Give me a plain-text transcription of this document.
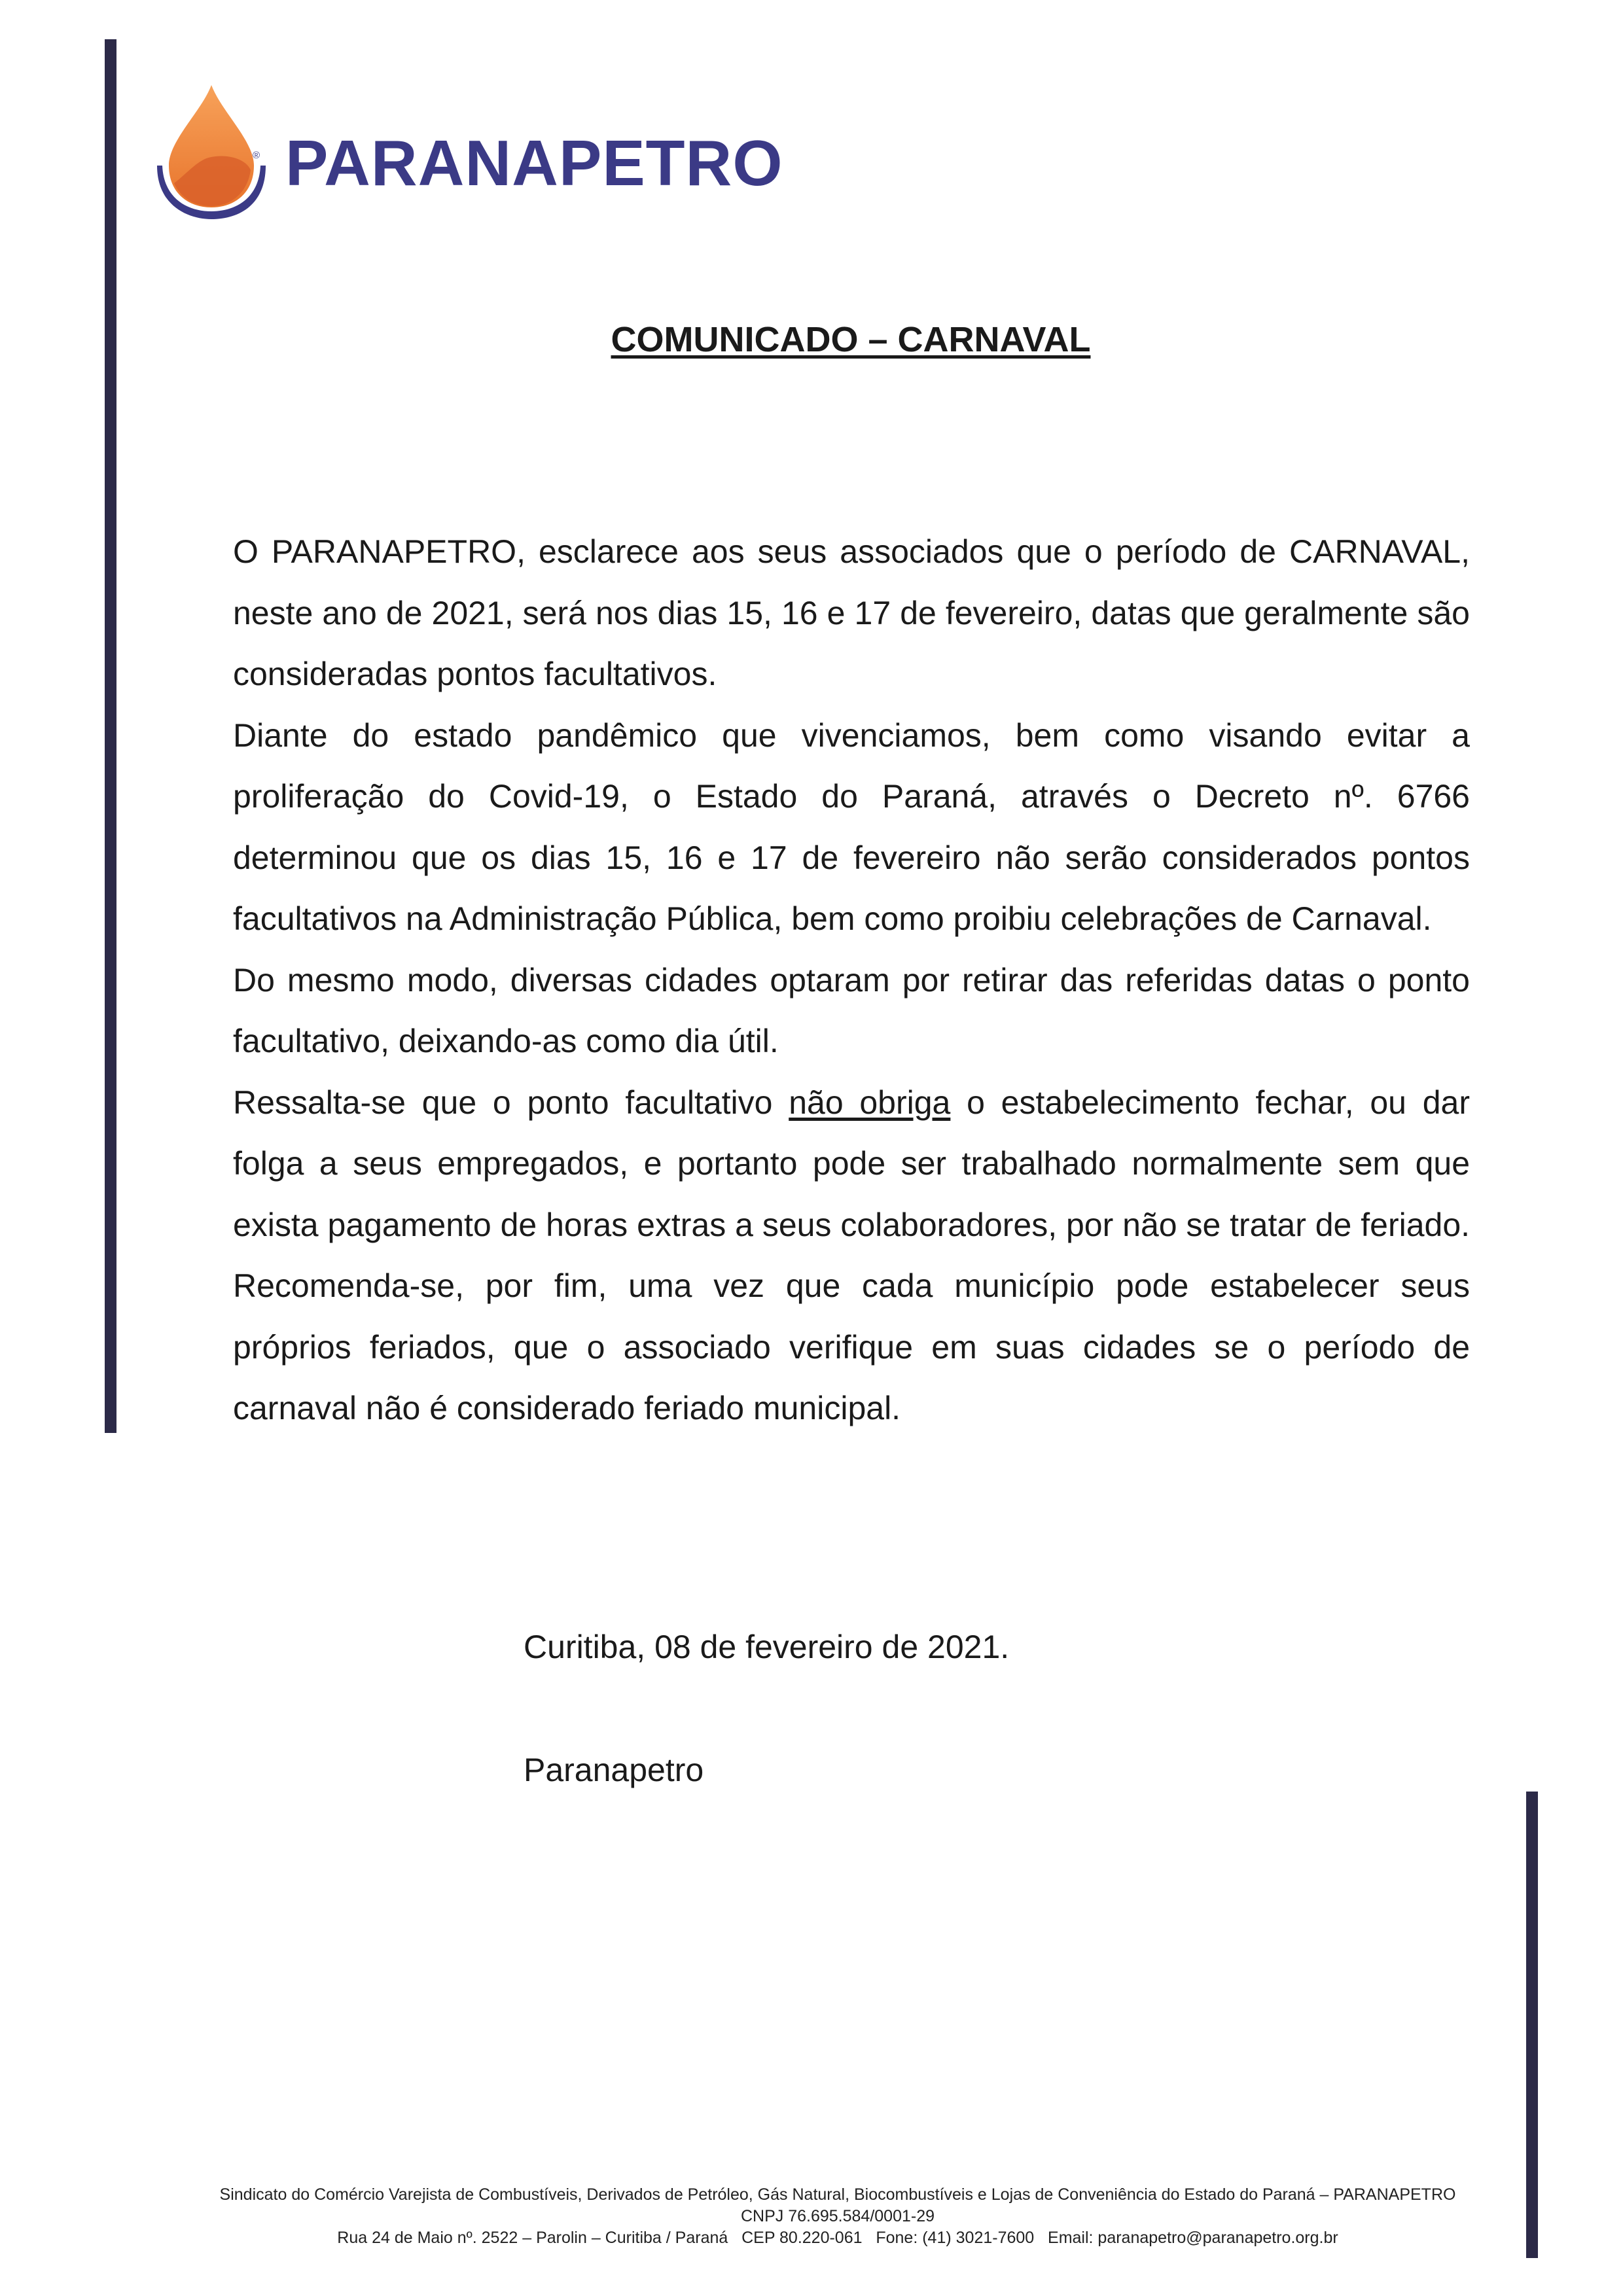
® PARANAPETRO
COMUNICADO – CARNAVAL

O PARANAPETRO, esclarece aos seus associados que o período de CARNAVAL, neste ano de 2021, será nos dias 15, 16 e 17 de fevereiro, datas que geralmente são consideradas pontos facultativos.

Diante do estado pandêmico que vivenciamos, bem como visando evitar a proliferação do Covid-19, o Estado do Paraná, através o Decreto nº. 6766 determinou que os dias 15, 16 e 17 de fevereiro não serão considerados pontos facultativos na Administração Pública, bem como proibiu celebrações de Carnaval.

Do mesmo modo, diversas cidades optaram por retirar das referidas datas o ponto facultativo, deixando-as como dia útil.

Ressalta-se que o ponto facultativo não obriga o estabelecimento fechar, ou dar folga a seus empregados, e portanto pode ser trabalhado normalmente sem que exista pagamento de horas extras a seus colaboradores, por não se tratar de feriado.

Recomenda-se, por fim, uma vez que cada município pode estabelecer seus próprios feriados, que o associado verifique em suas cidades se o período de carnaval não é considerado feriado municipal.

Curitiba, 08 de fevereiro de 2021.
Paranapetro
Sindicato do Comércio Varejista de Combustíveis, Derivados de Petróleo, Gás Natural, Biocombustíveis e Lojas de Conveniência do Estado do Paraná – PARANAPETRO
CNPJ 76.695.584/0001-29
Rua 24 de Maio nº. 2522 – Parolin – Curitiba / Paraná   CEP 80.220-061   Fone: (41) 3021-7600   Email: paranapetro@paranapetro.org.br
